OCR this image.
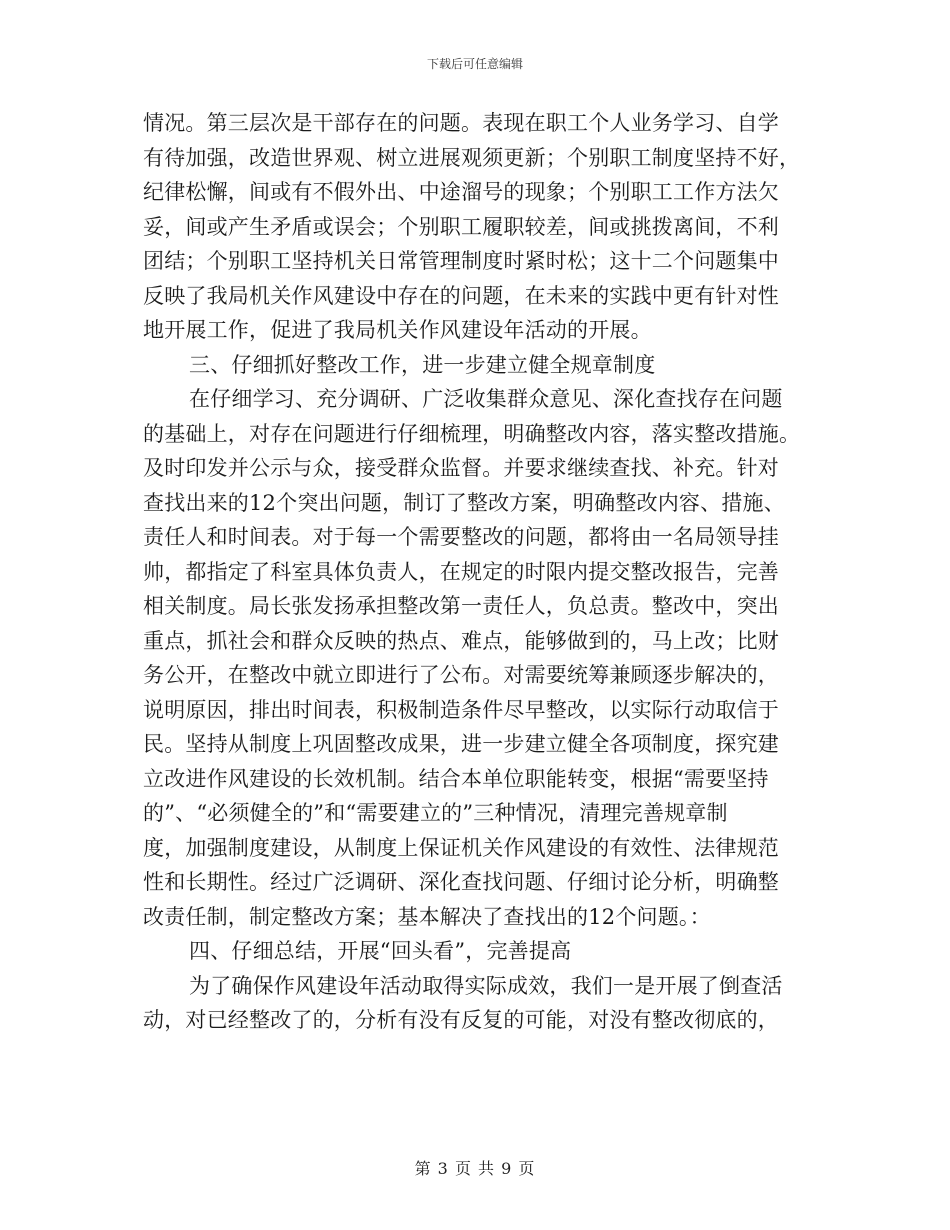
下载后可任意编辑
情况。第三层次是干部存在的问题。表现在职工个人业务学习、自学
有待加强，改造世界观、树立进展观须更新；个别职工制度坚持不好，
纪律松懈，间或有不假外出、中途溜号的现象；个别职工工作方法欠
妥，间或产生矛盾或误会；个别职工履职较差，间或挑拨离间，不利
团结；个别职工坚持机关日常管理制度时紧时松；这十二个问题集中
反映了我局机关作风建设中存在的问题，在未来的实践中更有针对性
地开展工作，促进了我局机关作风建设年活动的开展。
三、仔细抓好整改工作，进一步建立健全规章制度
在仔细学习、充分调研、广泛收集群众意见、深化查找存在问题
的基础上，对存在问题进行仔细梳理，明确整改内容，落实整改措施。
及时印发并公示与众，接受群众监督。并要求继续查找、补充。针对
查找出来的12个突出问题，制订了整改方案，明确整改内容、措施、
责任人和时间表。对于每一个需要整改的问题，都将由一名局领导挂
帅，都指定了科室具体负责人，在规定的时限内提交整改报告，完善
相关制度。局长张发扬承担整改第一责任人，负总责。整改中，突出
重点，抓社会和群众反映的热点、难点，能够做到的，马上改；比财
务公开，在整改中就立即进行了公布。对需要统筹兼顾逐步解决的，
说明原因，排出时间表，积极制造条件尽早整改，以实际行动取信于
民。坚持从制度上巩固整改成果，进一步建立健全各项制度，探究建
立改进作风建设的长效机制。结合本单位职能转变，根据“需要坚持
的”、“必须健全的”和“需要建立的”三种情况，清理完善规章制
度，加强制度建设，从制度上保证机关作风建设的有效性、法律规范
性和长期性。经过广泛调研、深化查找问题、仔细讨论分析，明确整
改责任制，制定整改方案；基本解决了查找出的12个问题。：
四、仔细总结，开展“回头看”，完善提高
为了确保作风建设年活动取得实际成效，我们一是开展了倒查活
动，对已经整改了的，分析有没有反复的可能，对没有整改彻底的，
第 3 页 共 9 页
